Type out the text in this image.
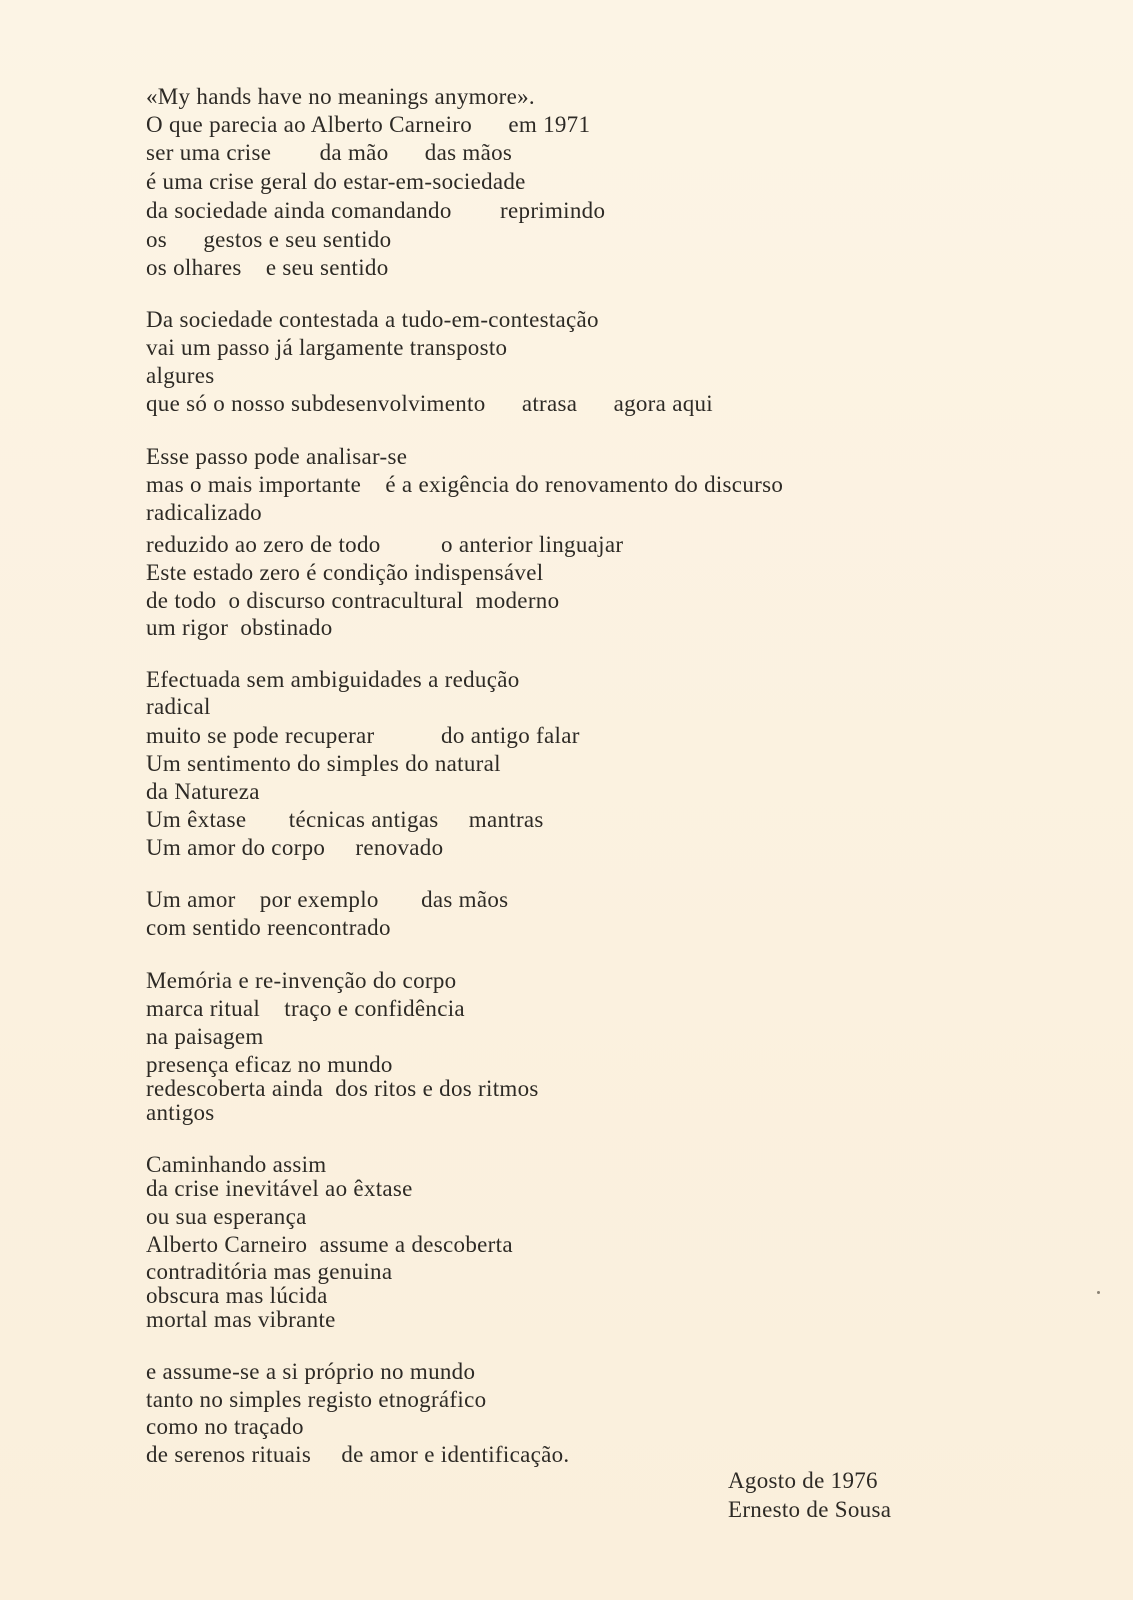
«My hands have no meanings anymore».
O que parecia ao Alberto Carneiro      em 1971
ser uma crise        da mão      das mãos
é uma crise geral do estar-em-sociedade
da sociedade ainda comandando        reprimindo
os      gestos e seu sentido
os olhares    e seu sentido
Da sociedade contestada a tudo-em-contestação
vai um passo já largamente transposto
algures
que só o nosso subdesenvolvimento      atrasa      agora aqui
Esse passo pode analisar-se
mas o mais importante    é a exigência do renovamento do discurso
radicalizado
reduzido ao zero de todo          o anterior linguajar
Este estado zero é condição indispensável
de todo  o discurso contracultural  moderno
um rigor  obstinado
Efectuada sem ambiguidades a redução
radical
muito se pode recuperar           do antigo falar
Um sentimento do simples do natural
da Natureza
Um êxtase       técnicas antigas     mantras
Um amor do corpo     renovado
Um amor    por exemplo       das mãos
com sentido reencontrado
Memória e re-invenção do corpo
marca ritual    traço e confidência
na paisagem
presença eficaz no mundo
redescoberta ainda  dos ritos e dos ritmos
antigos
Caminhando assim
da crise inevitável ao êxtase
ou sua esperança
Alberto Carneiro  assume a descoberta
contraditória mas genuina
obscura mas lúcida
mortal mas vibrante
e assume-se a si próprio no mundo
tanto no simples registo etnográfico
como no traçado
de serenos rituais     de amor e identificação.
Agosto de 1976
Ernesto de Sousa
